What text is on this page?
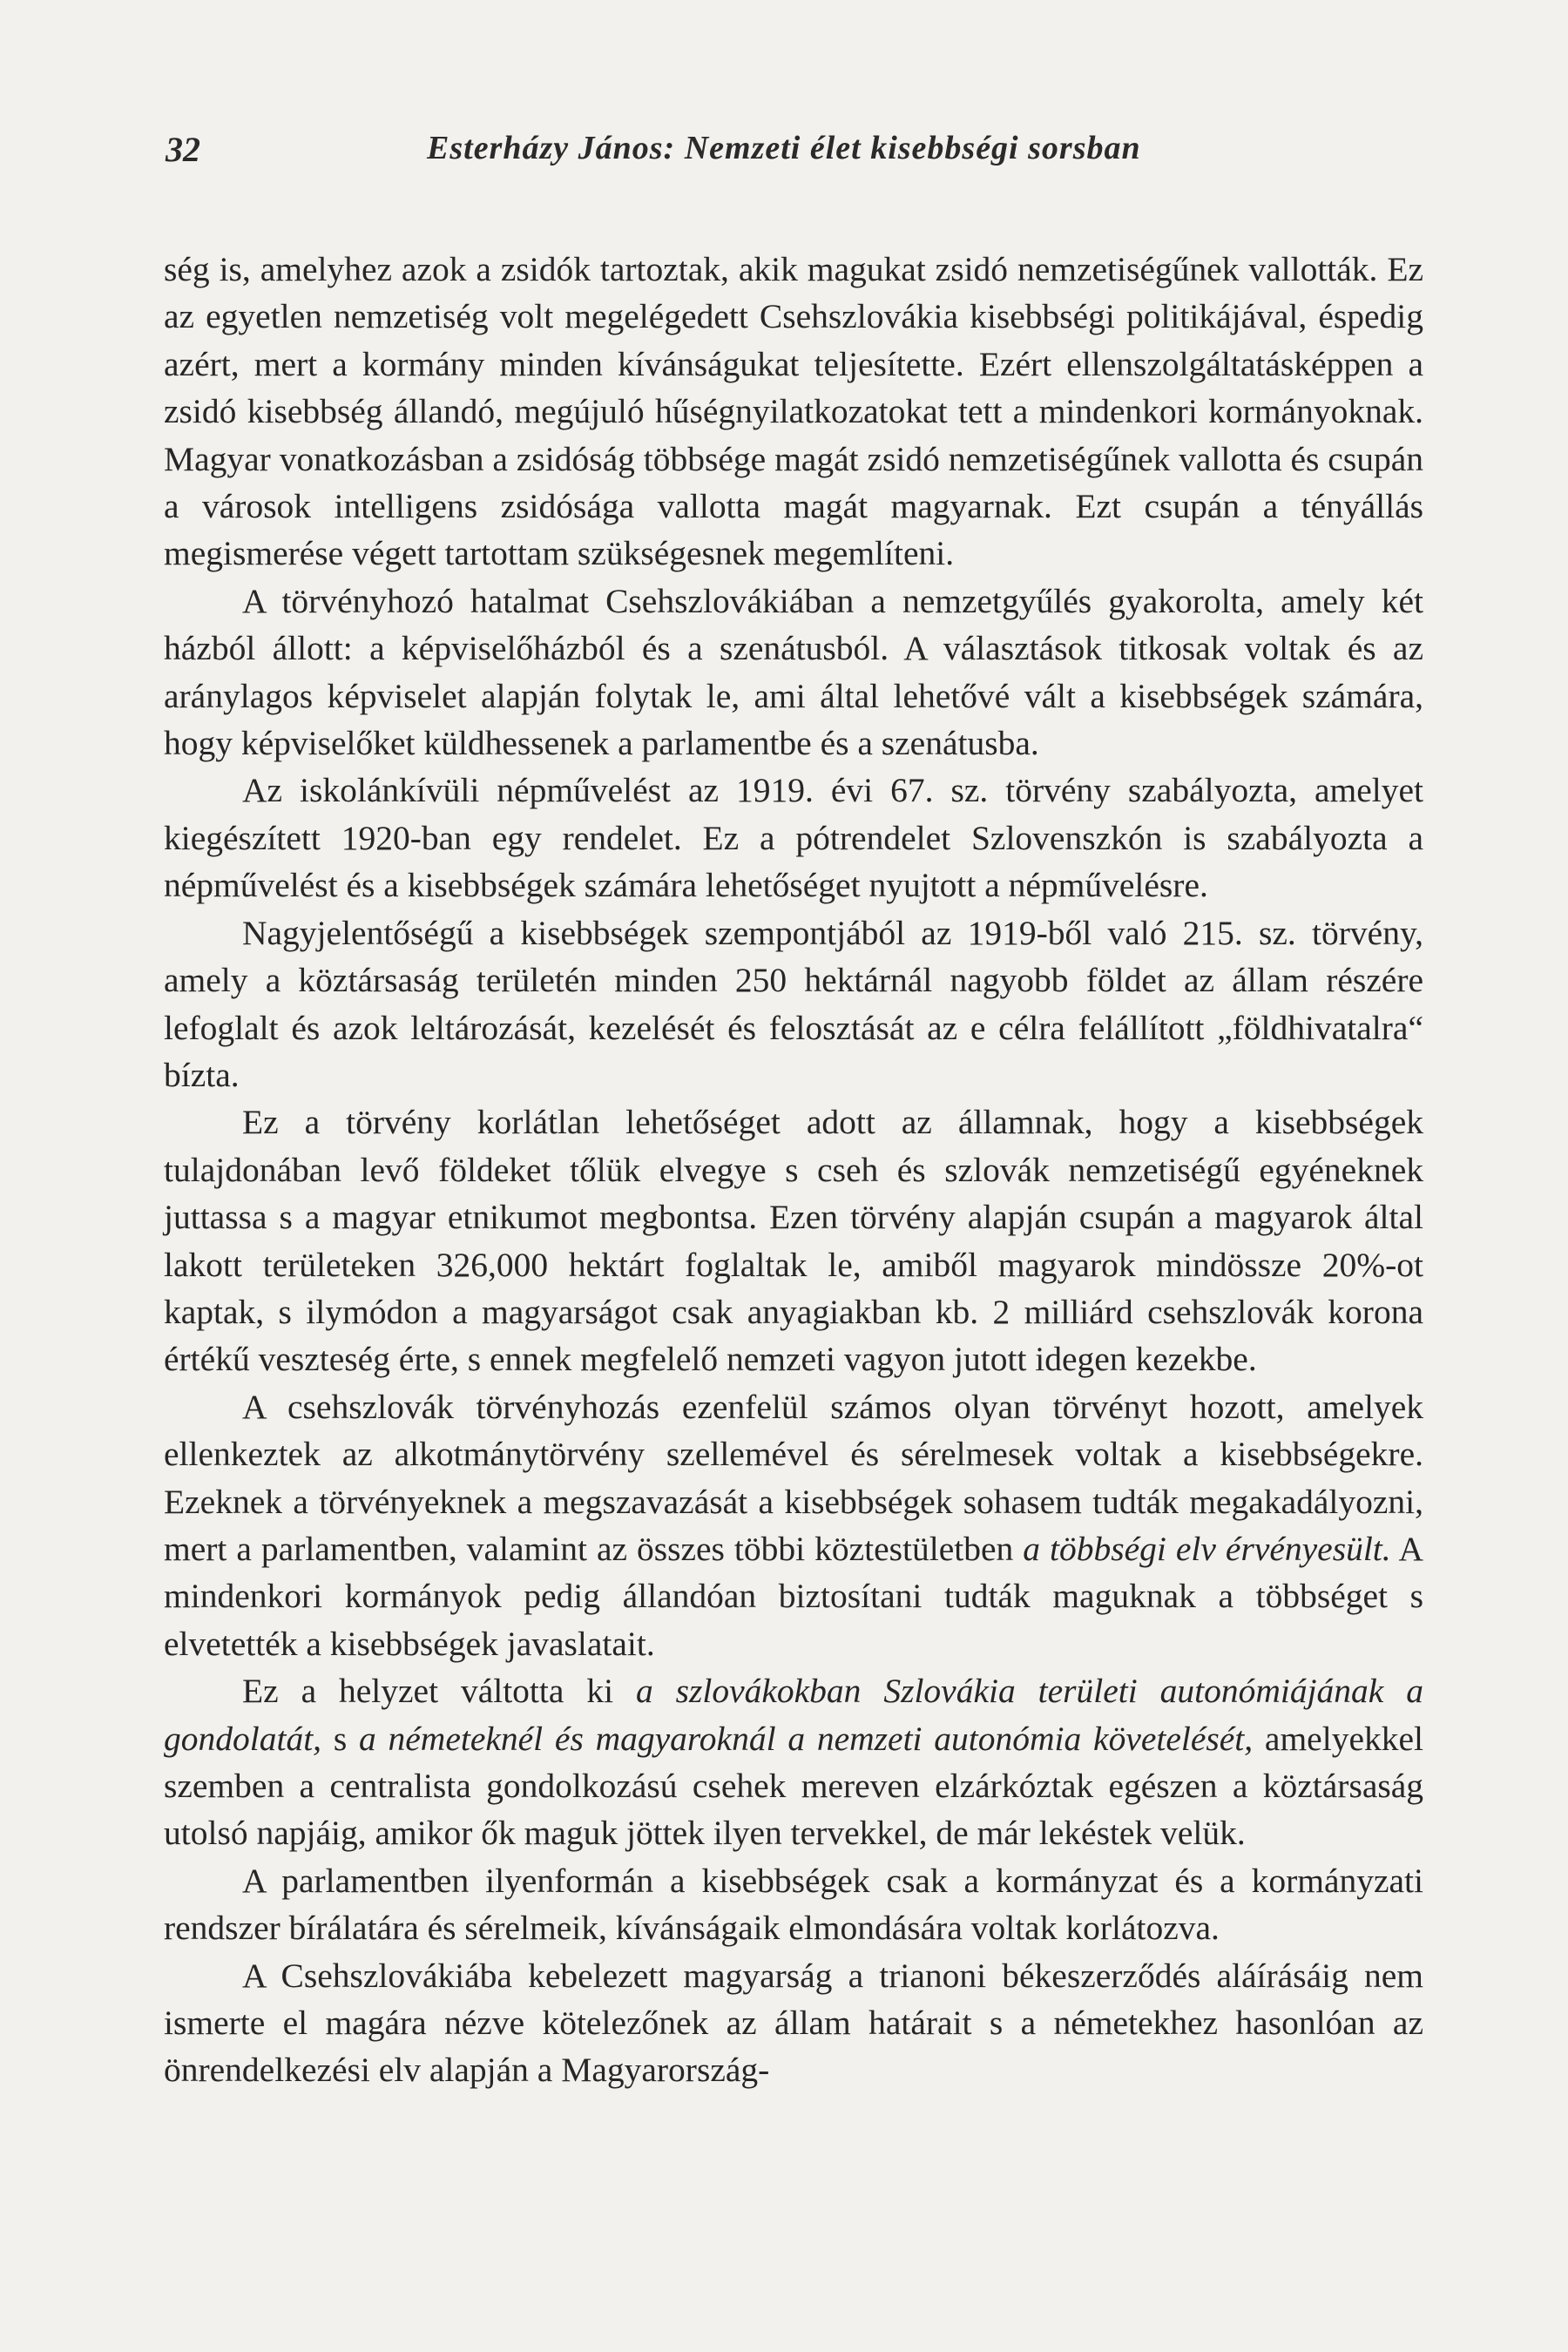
32	Esterházy János: Nemzeti élet kisebbségi sorsban

ség is, amelyhez azok a zsidók tartoztak, akik magukat zsidó nemzetiségűnek vallották. Ez az egyetlen nemzetiség volt megelégedett Csehszlovákia kisebbségi politikájával, éspedig azért, mert a kormány minden kívánságukat teljesítette. Ezért ellenszolgáltatásképpen a zsidó kisebbség állandó, megújuló hűségnyilatkozatokat tett a mindenkori kormányoknak. Magyar vonatkozásban a zsidóság többsége magát zsidó nemzetiségűnek vallotta és csupán a városok intelligens zsidósága vallotta magát magyarnak. Ezt csupán a tényállás megismerése végett tartottam szükségesnek megemlíteni.

A törvényhozó hatalmat Csehszlovákiában a nemzetgyűlés gyakorolta, amely két házból állott: a képviselőházból és a szenátusból. A választások titkosak voltak és az aránylagos képviselet alapján folytak le, ami által lehetővé vált a kisebbségek számára, hogy képviselőket küldhessenek a parlamentbe és a szenátusba.

Az iskolánkívüli népművelést az 1919. évi 67. sz. törvény szabályozta, amelyet kiegészített 1920-ban egy rendelet. Ez a pótrendelet Szlovenszkón is szabályozta a népművelést és a kisebbségek számára lehetőséget nyujtott a népművelésre.

Nagyjelentőségű a kisebbségek szempontjából az 1919-ből való 215. sz. törvény, amely a köztársaság területén minden 250 hektárnál nagyobb földet az állam részére lefoglalt és azok leltározását, kezelését és felosztását az e célra felállított „földhivatalra“ bízta.

Ez a törvény korlátlan lehetőséget adott az államnak, hogy a kisebbségek tulajdonában levő földeket tőlük elvegye s cseh és szlovák nemzetiségű egyéneknek juttassa s a magyar etnikumot megbontsa. Ezen törvény alapján csupán a magyarok által lakott területeken 326,000 hektárt foglaltak le, amiből magyarok mindössze 20%-ot kaptak, s ilymódon a magyarságot csak anyagiakban kb. 2 milliárd csehszlovák korona értékű veszteség érte, s ennek megfelelő nemzeti vagyon jutott idegen kezekbe.

A csehszlovák törvényhozás ezenfelül számos olyan törvényt hozott, amelyek ellenkeztek az alkotmánytörvény szellemével és sérelmesek voltak a kisebbségekre. Ezeknek a törvényeknek a megszavazását a kisebbségek sohasem tudták megakadályozni, mert a parlamentben, valamint az összes többi köztestületben a többségi elv érvényesült. A mindenkori kormányok pedig állandóan biztosítani tudták maguknak a többséget s elvetették a kisebbségek javaslatait.

Ez a helyzet váltotta ki a szlovákokban Szlovákia területi autonómiájának a gondolatát, s a németeknél és magyaroknál a nemzeti autonómia követelését, amelyekkel szemben a centralista gondolkozású csehek mereven elzárkóztak egészen a köztársaság utolsó napjáig, amikor ők maguk jöttek ilyen tervekkel, de már lekéstek velük.

A parlamentben ilyenformán a kisebbségek csak a kormányzat és a kormányzati rendszer bírálatára és sérelmeik, kívánságaik elmondására voltak korlátozva.

A Csehszlovákiába kebelezett magyarság a trianoni békeszerződés aláírásáig nem ismerte el magára nézve kötelezőnek az állam határait s a németekhez hasonlóan az önrendelkezési elv alapján a Magyarország-
